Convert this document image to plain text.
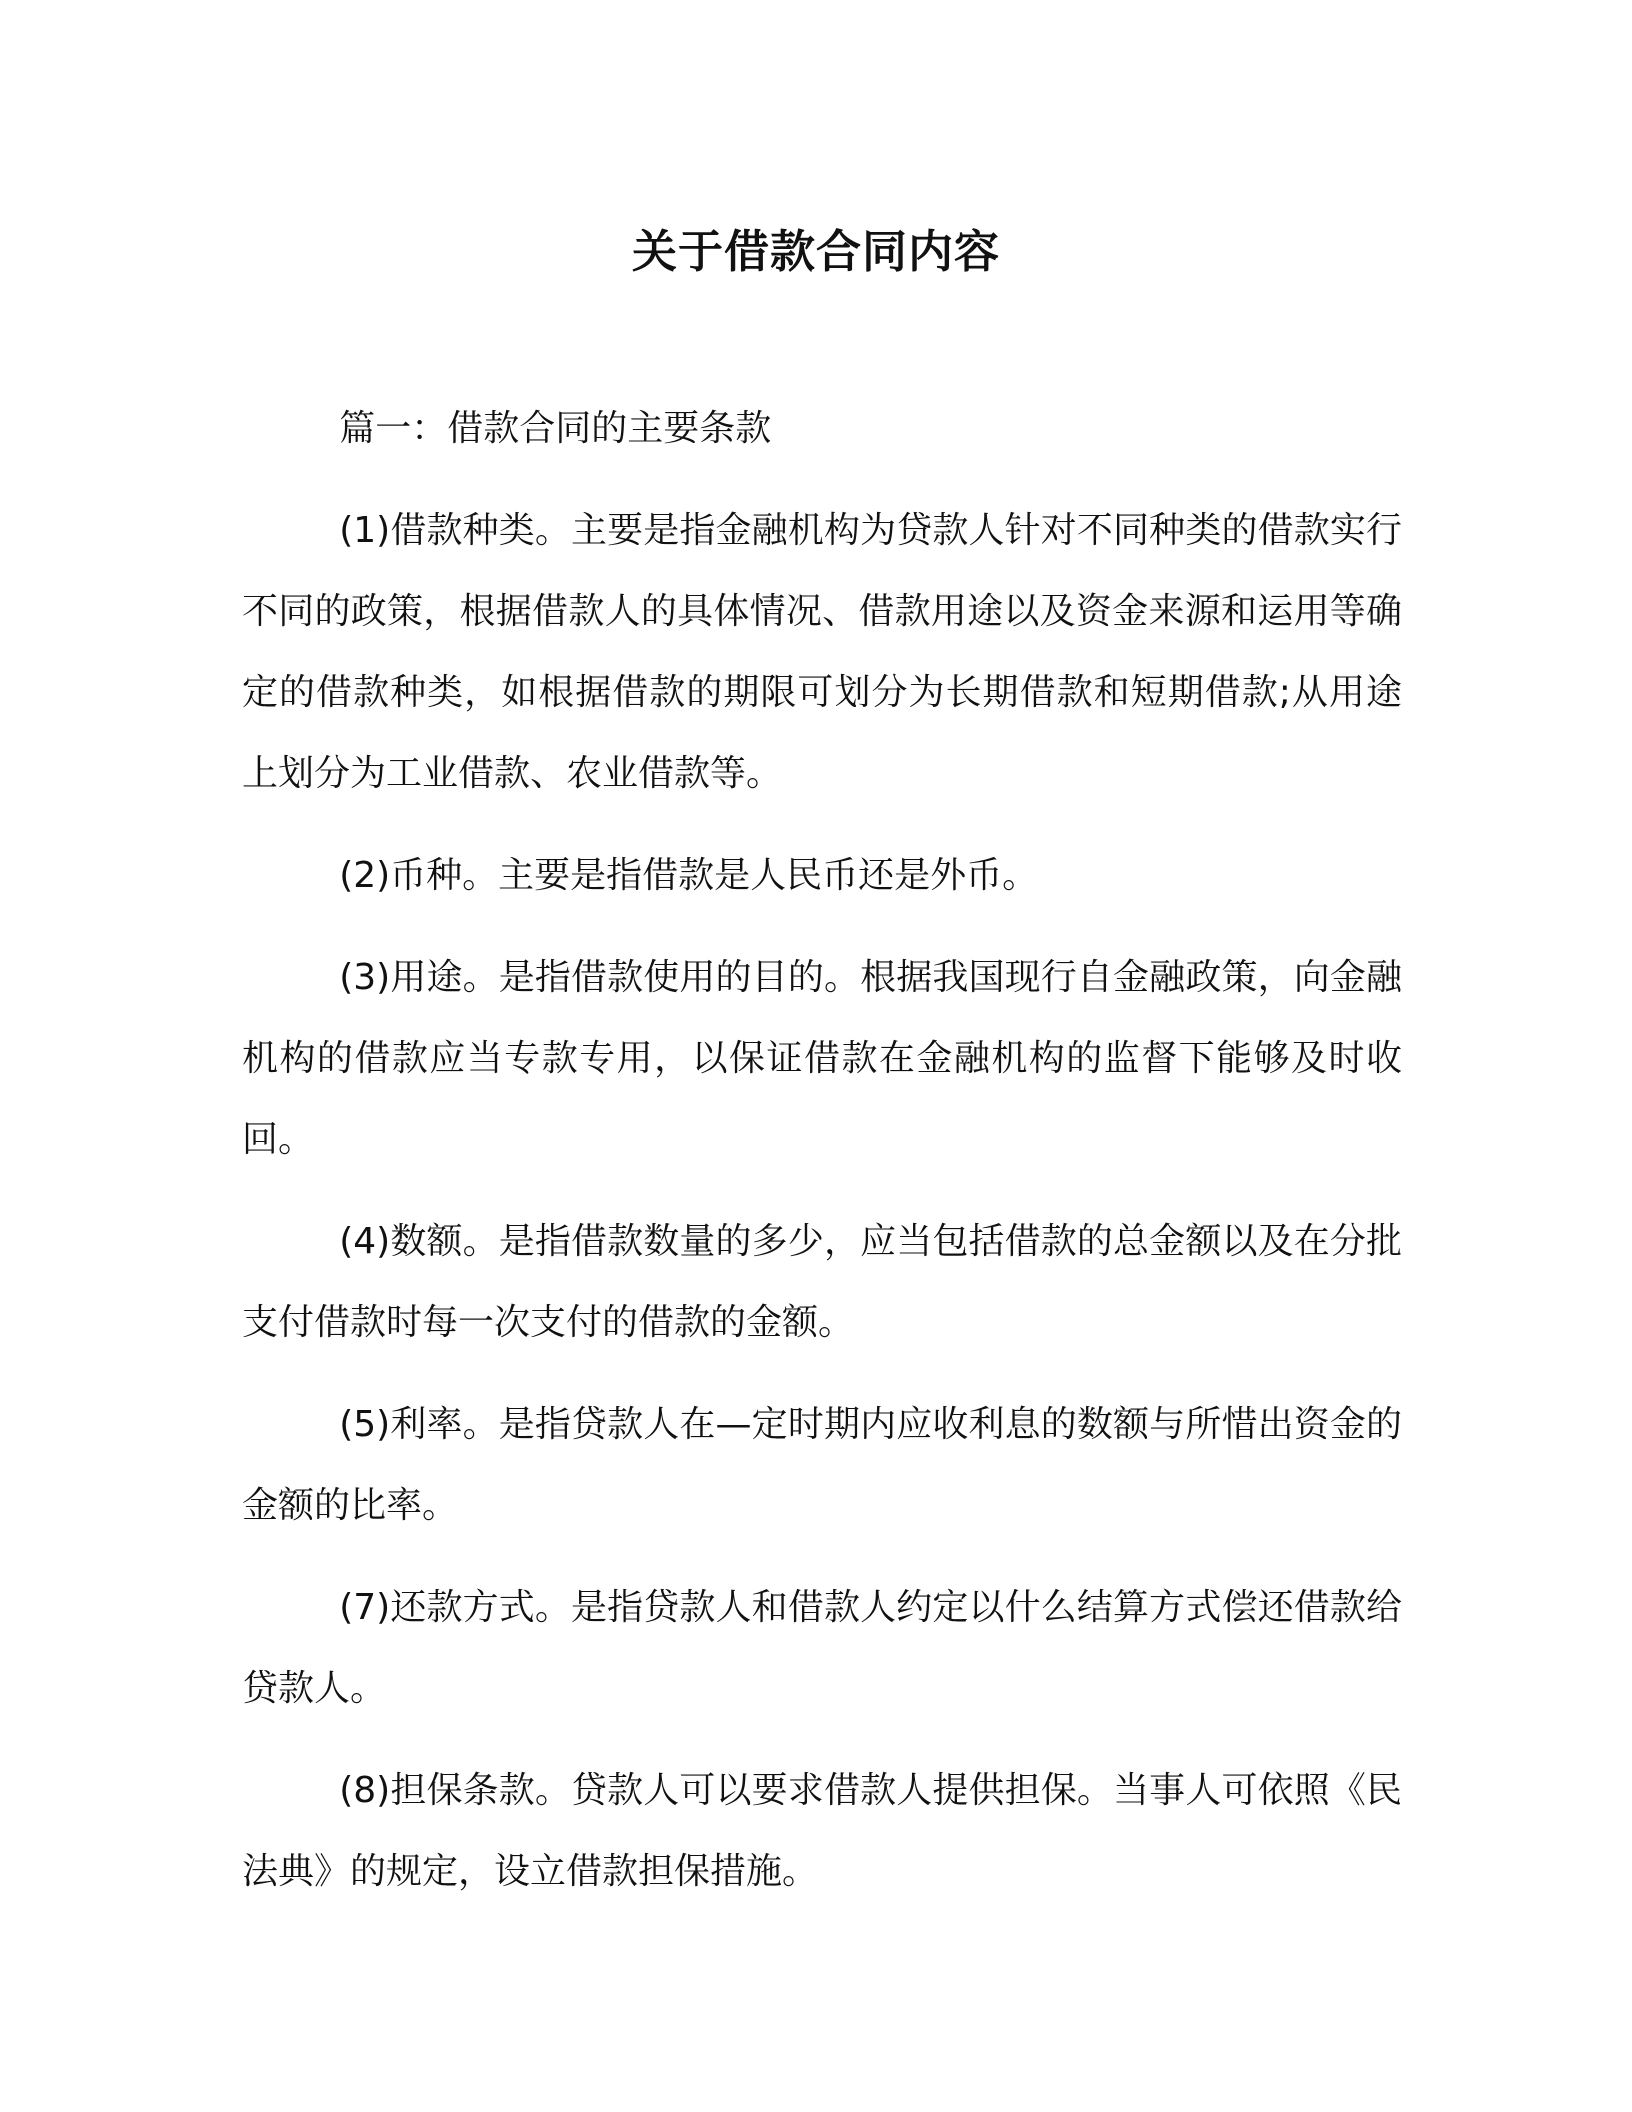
关于借款合同内容

篇一：借款合同的主要条款

(1)借款种类。主要是指金融机构为贷款人针对不同种类的借款实行不同的政策，根据借款人的具体情况、借款用途以及资金来源和运用等确定的借款种类，如根据借款的期限可划分为长期借款和短期借款;从用途上划分为工业借款、农业借款等。

(2)币种。主要是指借款是人民币还是外币。

(3)用途。是指借款使用的目的。根据我国现行自金融政策，向金融机构的借款应当专款专用，以保证借款在金融机构的监督下能够及时收回。

(4)数额。是指借款数量的多少，应当包括借款的总金额以及在分批支付借款时每一次支付的借款的金额。

(5)利率。是指贷款人在—定时期内应收利息的数额与所惜出资金的金额的比率。

(7)还款方式。是指贷款人和借款人约定以什么结算方式偿还借款给贷款人。

(8)担保条款。贷款人可以要求借款人提供担保。当事人可依照《民法典》的规定，设立借款担保措施。
